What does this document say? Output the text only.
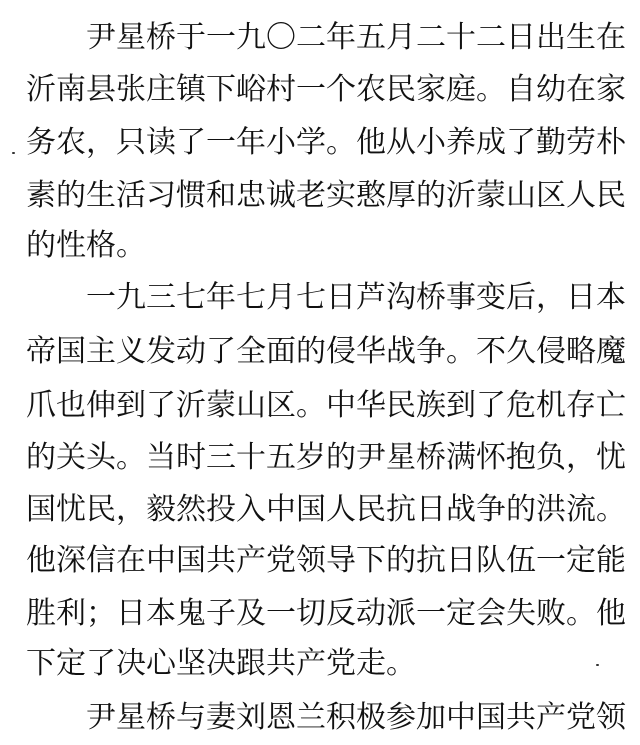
尹星桥于一九〇二年五月二十二日出生在
沂南县张庄镇下峪村一个农民家庭。自幼在家
务农，只读了一年小学。他从小养成了勤劳朴
素的生活习惯和忠诚老实憨厚的沂蒙山区人民
的性格。
一九三七年七月七日芦沟桥事变后，日本
帝国主义发动了全面的侵华战争。不久侵略魔
爪也伸到了沂蒙山区。中华民族到了危机存亡
的关头。当时三十五岁的尹星桥满怀抱负，忧
国忧民，毅然投入中国人民抗日战争的洪流。
他深信在中国共产党领导下的抗日队伍一定能
胜利；日本鬼子及一切反动派一定会失败。他
下定了决心坚决跟共产党走。
尹星桥与妻刘恩兰积极参加中国共产党领
